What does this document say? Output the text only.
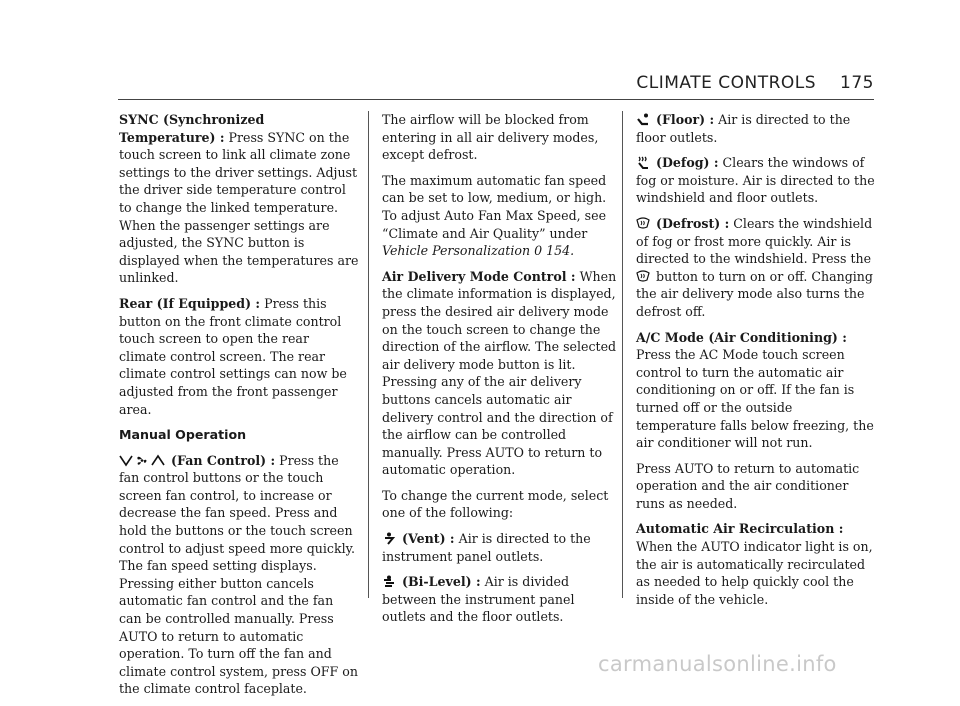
CLIMATE CONTROLS 175

SYNC (Synchronized Temperature) : Press SYNC on the touch screen to link all climate zone settings to the driver settings. Adjust the driver side temperature control to change the linked temperature. When the passenger settings are adjusted, the SYNC button is displayed when the temperatures are unlinked.

Rear (If Equipped) : Press this button on the front climate control touch screen to open the rear climate control screen. The rear climate control settings can now be adjusted from the front passenger area.

Manual Operation

(Fan Control) : Press the fan control buttons or the touch screen fan control, to increase or decrease the fan speed. Press and hold the buttons or the touch screen control to adjust speed more quickly. The fan speed setting displays. Pressing either button cancels automatic fan control and the fan can be controlled manually. Press AUTO to return to automatic operation. To turn off the fan and climate control system, press OFF on the climate control faceplate.

The airflow will be blocked from entering in all air delivery modes, except defrost.

The maximum automatic fan speed can be set to low, medium, or high. To adjust Auto Fan Max Speed, see “Climate and Air Quality” under Vehicle Personalization 0 154.

Air Delivery Mode Control : When the climate information is displayed, press the desired air delivery mode on the touch screen to change the direction of the airflow. The selected air delivery mode button is lit. Pressing any of the air delivery buttons cancels automatic air delivery control and the direction of the airflow can be controlled manually. Press AUTO to return to automatic operation.

To change the current mode, select one of the following:

(Vent) : Air is directed to the instrument panel outlets.

(Bi-Level) : Air is divided between the instrument panel outlets and the floor outlets.

(Floor) : Air is directed to the floor outlets.

(Defog) : Clears the windows of fog or moisture. Air is directed to the windshield and floor outlets.

(Defrost) : Clears the windshield of fog or frost more quickly. Air is directed to the windshield. Press the
button to turn on or off. Changing the air delivery mode also turns the defrost off.

A/C Mode (Air Conditioning) : Press the AC Mode touch screen control to turn the automatic air conditioning on or off. If the fan is turned off or the outside temperature falls below freezing, the air conditioner will not run.

Press AUTO to return to automatic operation and the air conditioner runs as needed.

Automatic Air Recirculation : When the AUTO indicator light is on, the air is automatically recirculated as needed to help quickly cool the inside of the vehicle.

carmanualsonline.info
